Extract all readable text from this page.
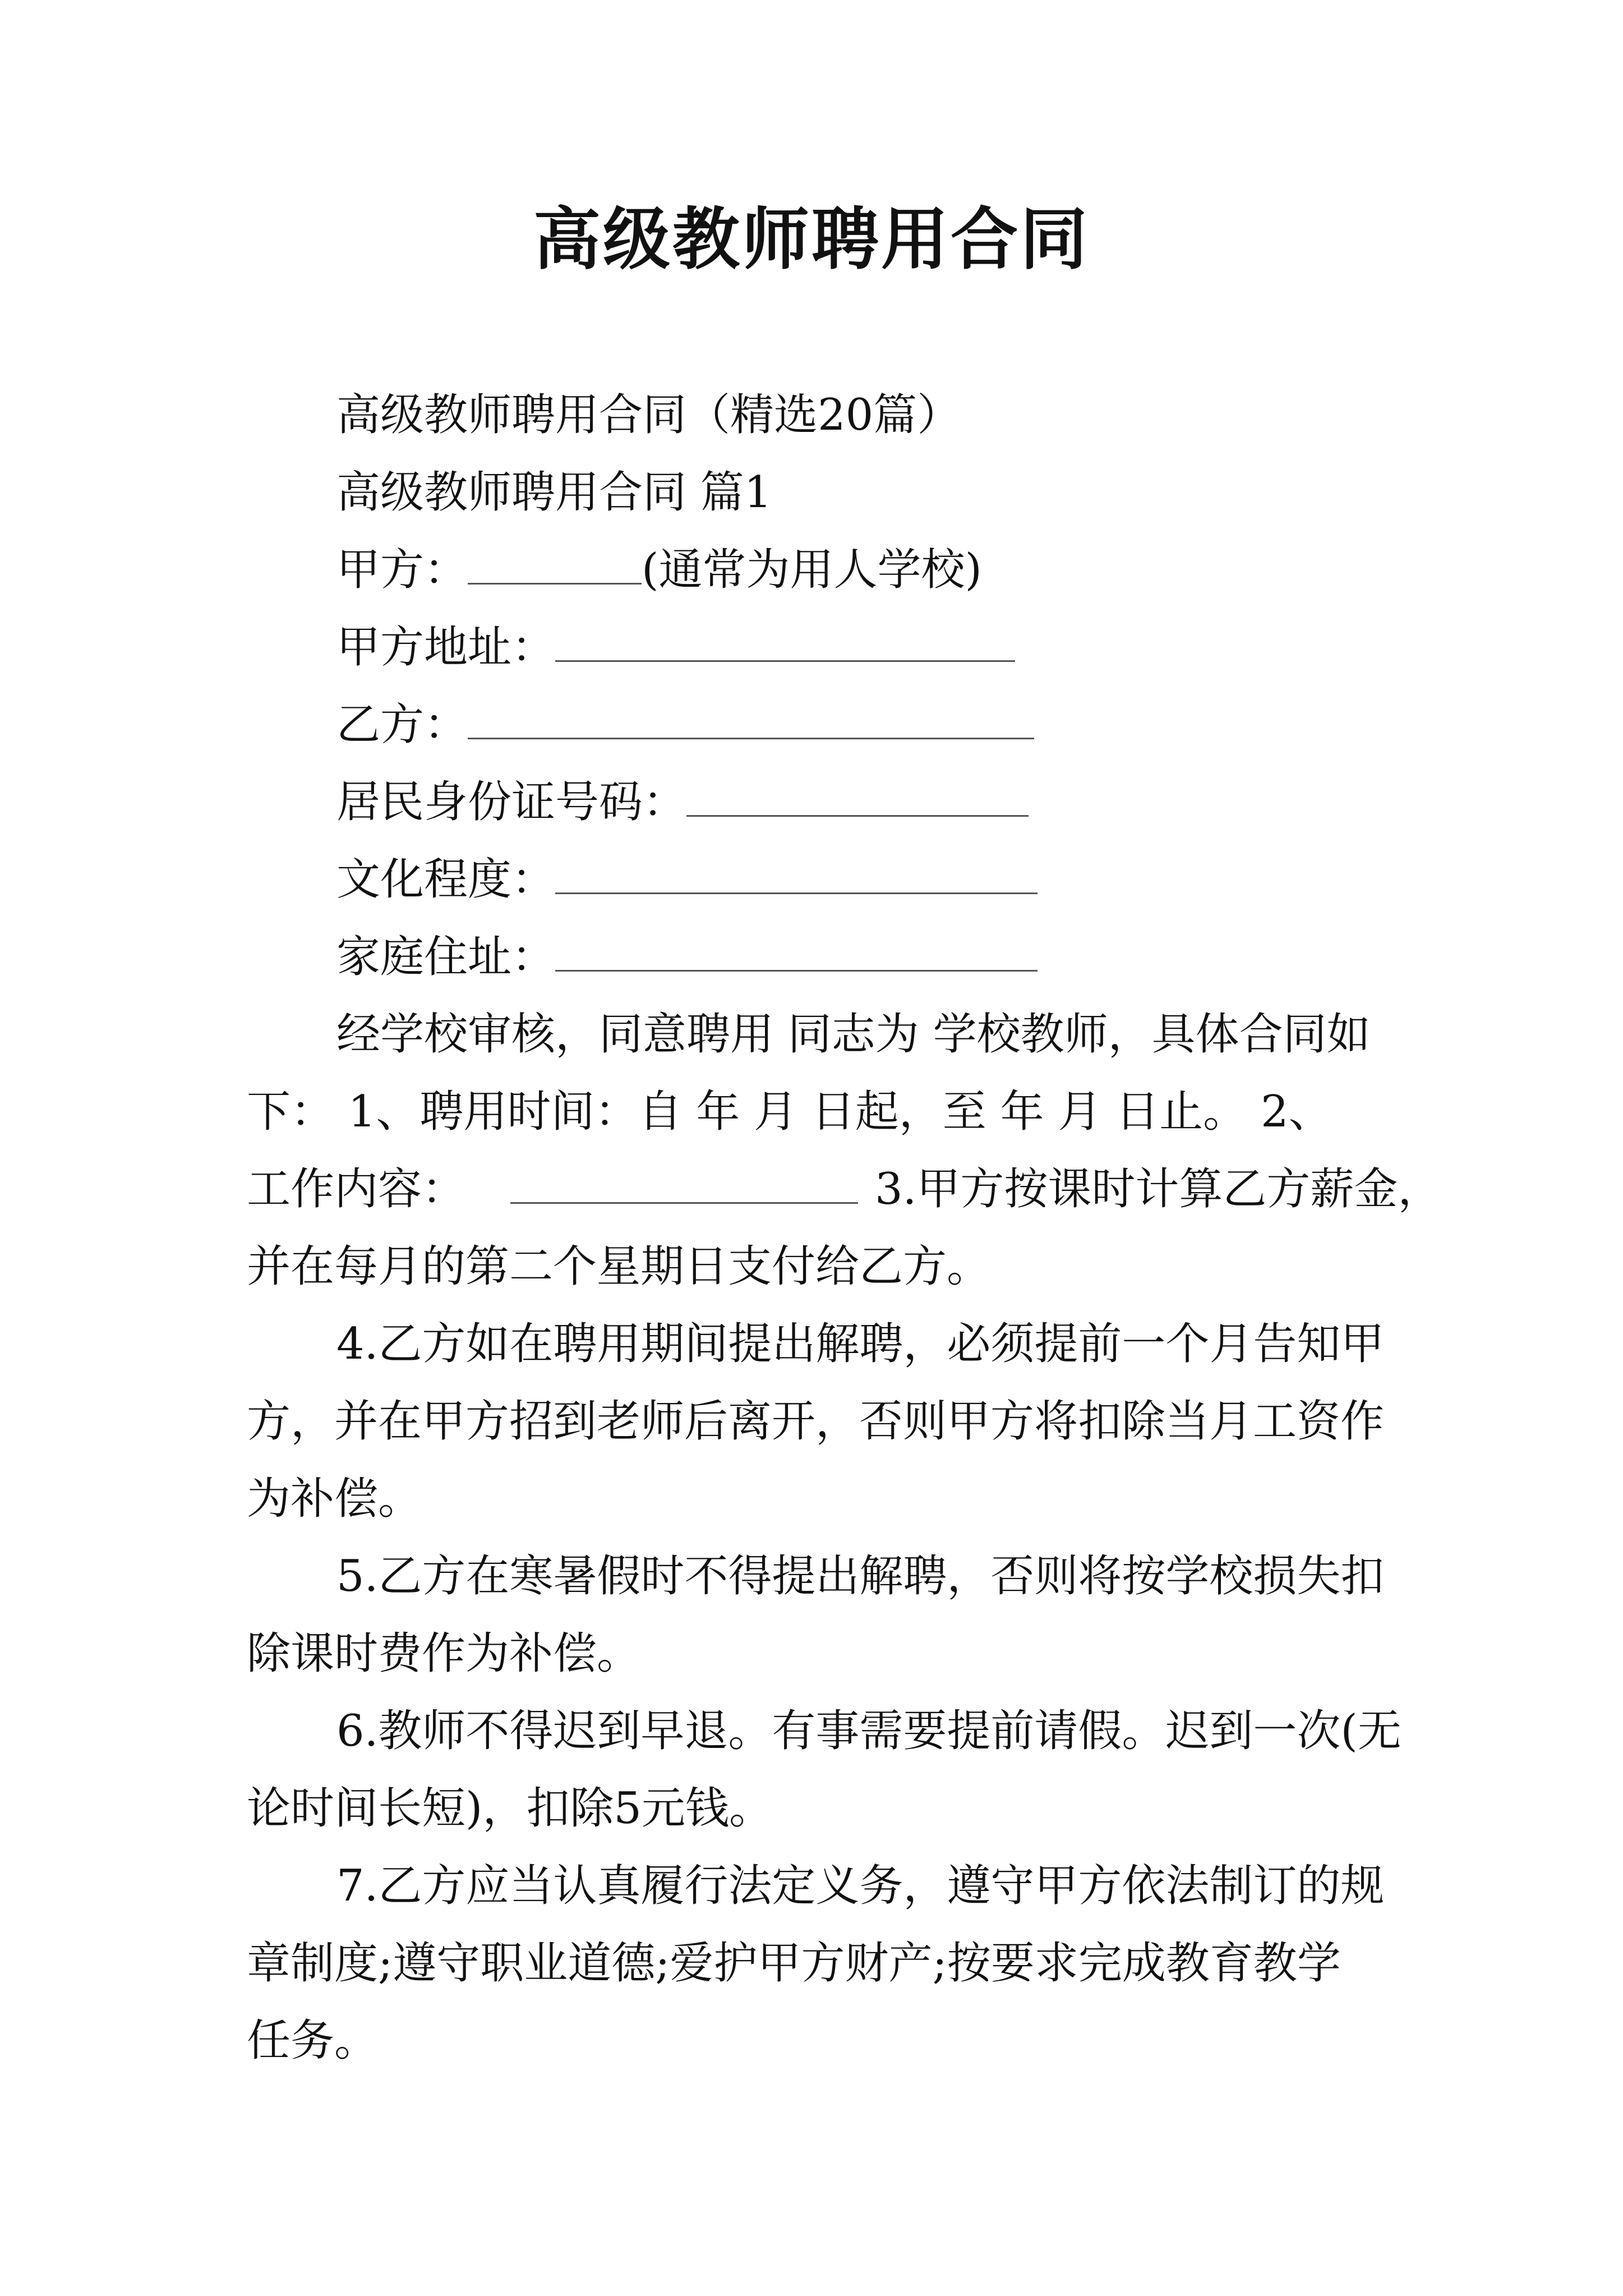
高级教师聘用合同
高级教师聘用合同（精选20篇）
高级教师聘用合同 篇1
甲方：	(通常为用人学校)
甲方地址：
乙方：
居民身份证号码：
文化程度：
家庭住址：
经学校审核，同意聘用 同志为 学校教师，具体合同如
下： 1、聘用时间：自 年 月 日起，至 年 月 日止。 2、
工作内容：	3.甲方按课时计算乙方薪金，
并在每月的第二个星期日支付给乙方。
4.乙方如在聘用期间提出解聘，必须提前一个月告知甲
方，并在甲方招到老师后离开，否则甲方将扣除当月工资作
为补偿。
5.乙方在寒暑假时不得提出解聘，否则将按学校损失扣
除课时费作为补偿。
6.教师不得迟到早退。有事需要提前请假。迟到一次(无
论时间长短)，扣除5元钱。
7.乙方应当认真履行法定义务，遵守甲方依法制订的规
章制度;遵守职业道德;爱护甲方财产;按要求完成教育教学
任务。
